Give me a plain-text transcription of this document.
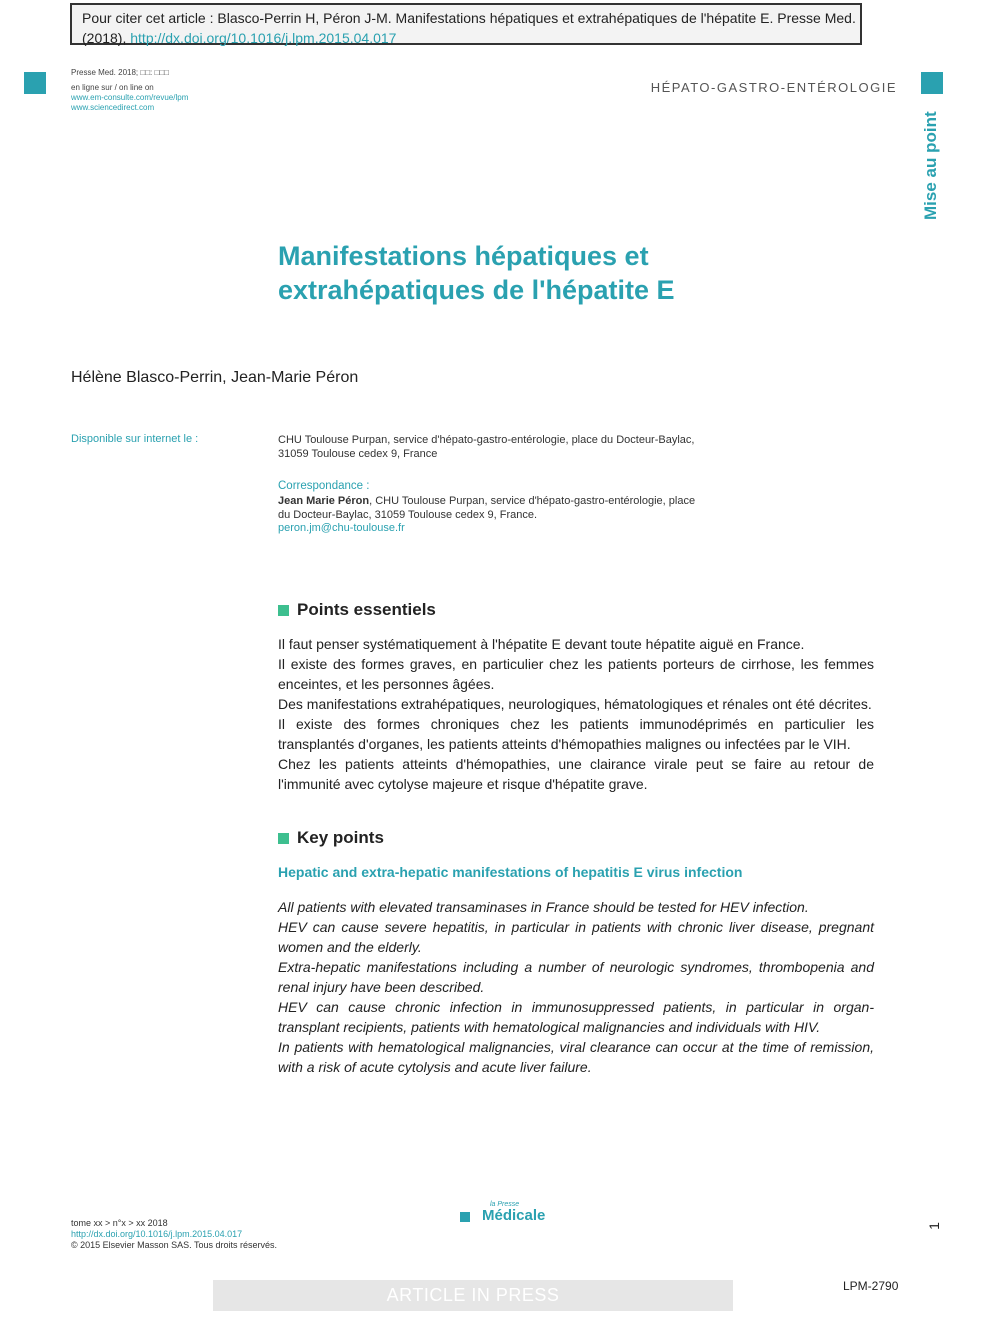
Pour citer cet article : Blasco-Perrin H, Péron J-M. Manifestations hépatiques et extrahépatiques de l'hépatite E. Presse Med.
(2018), http://dx.doi.org/10.1016/j.lpm.2015.04.017
Presse Med. 2018; □□: □□□
en ligne sur / on line on
www.em-consulte.com/revue/lpm
www.sciencedirect.com
HÉPATO-GASTRO-ENTÉROLOGIE
Mise au point
Manifestations hépatiques et
extrahépatiques de l'hépatite E
Hélène Blasco-Perrin, Jean-Marie Péron
Disponible sur internet le :	CHU Toulouse Purpan, service d'hépato-gastro-entérologie, place du Docteur-Baylac, 31059 Toulouse cedex 9, France
Correspondance :
Jean Marie Péron, CHU Toulouse Purpan, service d'hépato-gastro-entérologie, place du Docteur-Baylac, 31059 Toulouse cedex 9, France.
peron.jm@chu-toulouse.fr
Points essentiels

Il faut penser systématiquement à l'hépatite E devant toute hépatite aiguë en France.

Il existe des formes graves, en particulier chez les patients porteurs de cirrhose, les femmes enceintes, et les personnes âgées.

Des manifestations extrahépatiques, neurologiques, hématologiques et rénales ont été décrites.

Il existe des formes chroniques chez les patients immunodéprimés en particulier les transplantés d'organes, les patients atteints d'hémopathies malignes ou infectées par le VIH.

Chez les patients atteints d'hémopathies, une clairance virale peut se faire au retour de l'immunité avec cytolyse majeure et risque d'hépatite grave.

Key points
Hepatic and extra-hepatic manifestations of hepatitis E virus infection

All patients with elevated transaminases in France should be tested for HEV infection.

HEV can cause severe hepatitis, in particular in patients with chronic liver disease, pregnant women and the elderly.

Extra-hepatic manifestations including a number of neurologic syndromes, thrombopenia and renal injury have been described.

HEV can cause chronic infection in immunosuppressed patients, in particular in organ-transplant recipients, patients with hematological malignancies and individuals with HIV.

In patients with hematological malignancies, viral clearance can occur at the time of remission, with a risk of acute cytolysis and acute liver failure.

tome xx > n°x > xx 2018
http://dx.doi.org/10.1016/j.lpm.2015.04.017
© 2015 Elsevier Masson SAS. Tous droits réservés.
la Presse
Médicale
1
ARTICLE IN PRESS	LPM-2790
